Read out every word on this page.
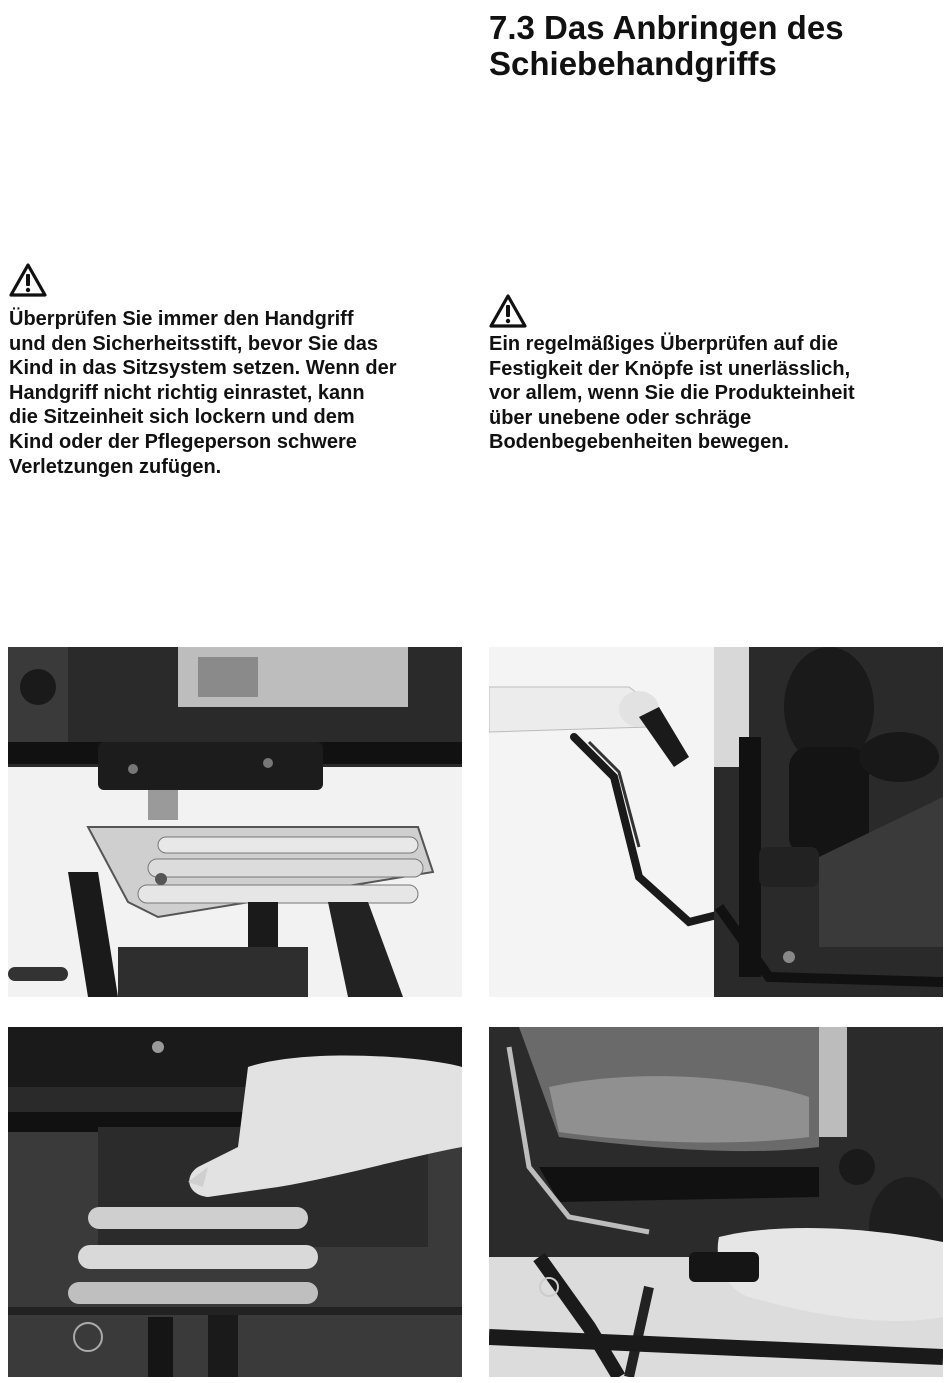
7.3 Das Anbringen des
Schiebehandgriffs
Überprüfen Sie immer den Handgriff
und den Sicherheitsstift, bevor Sie das
Kind in das Sitzsystem setzen. Wenn der
Handgriff nicht richtig einrastet, kann
die Sitzeinheit sich lockern und dem
Kind oder der Pflegeperson schwere
Verletzungen zufügen.
Ein regelmäßiges Überprüfen auf die
Festigkeit der Knöpfe ist unerlässlich,
vor allem, wenn Sie die Produkteinheit
über unebene oder schräge
Bodenbegebenheiten bewegen.
